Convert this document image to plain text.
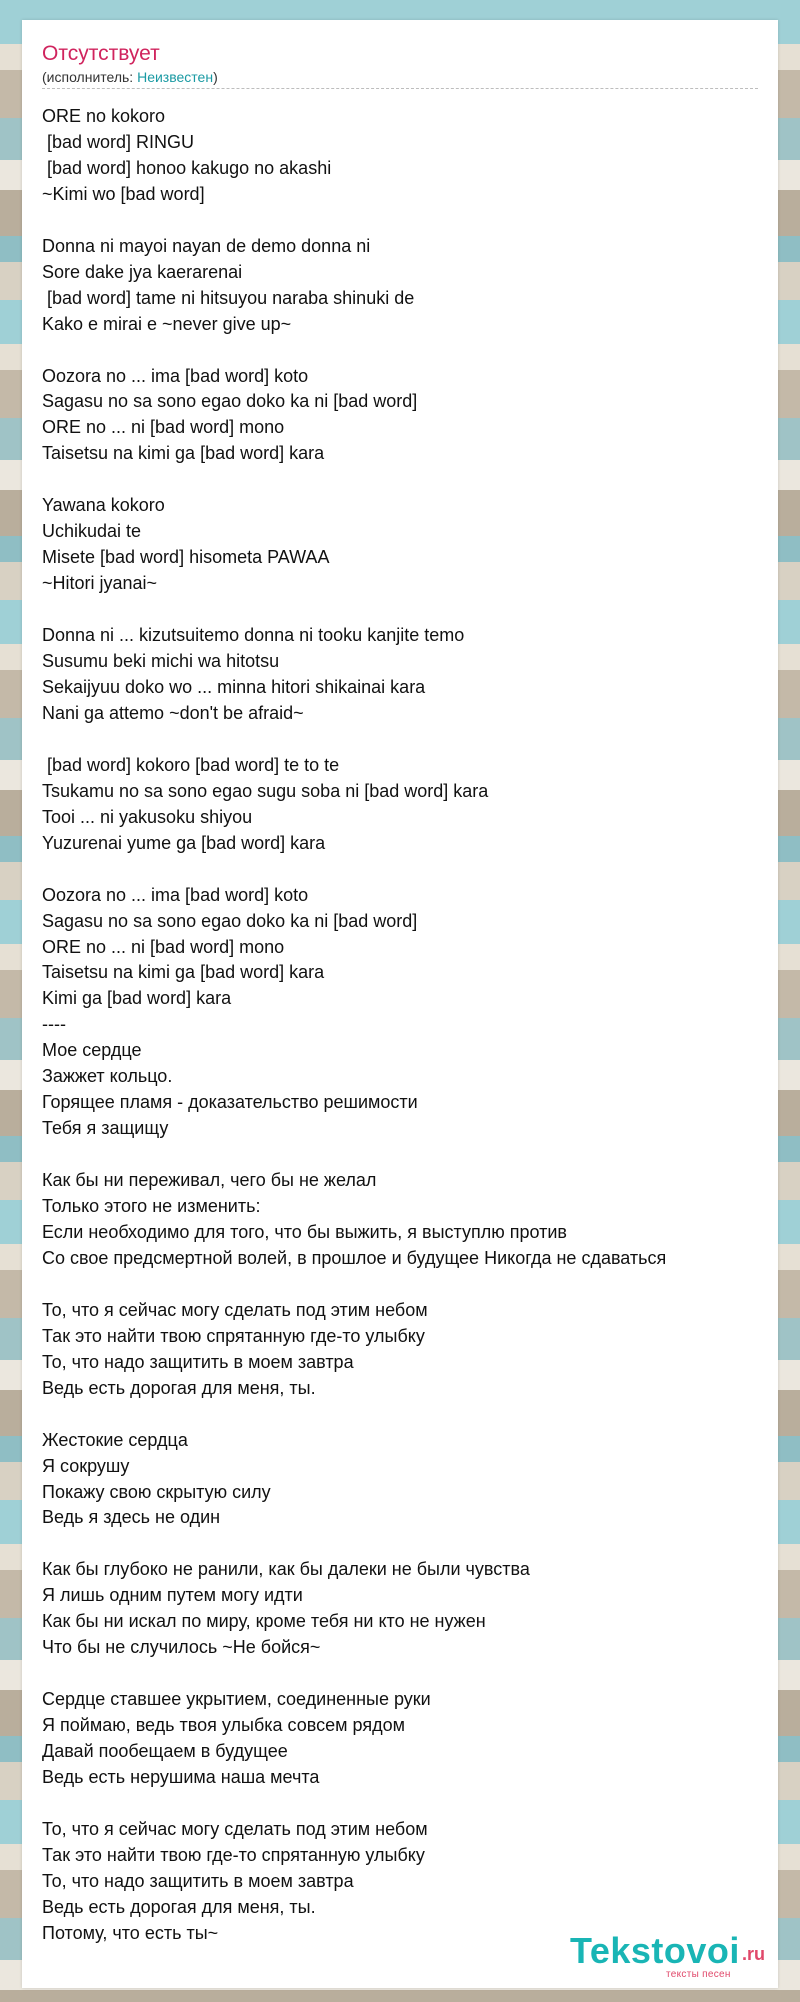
Отсутствует
(исполнитель: Неизвестен)
ORE no kokoro
[bad word] RINGU
[bad word] honoo kakugo no akashi
~Kimi wo [bad word]

Donna ni mayoi nayan de demo donna ni
Sore dake jya kaerarenai
[bad word] tame ni hitsuyou naraba shinuki de
Kako e mirai e ~never give up~

Oozora no ... ima [bad word] koto
Sagasu no sa sono egao doko ka ni [bad word]
ORE no ... ni [bad word] mono
Taisetsu na kimi ga [bad word] kara

Yawana kokoro
Uchikudai te
Misete [bad word] hisometa PAWAA
~Hitori jyanai~

Donna ni ... kizutsuitemo donna ni tooku kanjite temo
Susumu beki michi wa hitotsu
Sekaijyuu doko wo ... minna hitori shikainai kara
Nani ga attemo ~don't be afraid~

[bad word] kokoro [bad word] te to te
Tsukamu no sa sono egao sugu soba ni [bad word] kara
Tooi ... ni yakusoku shiyou
Yuzurenai yume ga [bad word] kara

Oozora no ... ima [bad word] koto
Sagasu no sa sono egao doko ka ni [bad word]
ORE no ... ni [bad word] mono
Taisetsu na kimi ga [bad word] kara
Kimi ga [bad word] kara
----
Мое сердце
Зажжет кольцо.
Горящее пламя - доказательство решимости
Тебя я защищу

Как бы ни переживал, чего бы не желал
Только этого не изменить:
Если необходимо для того, что бы выжить, я выступлю против
Со свое предсмертной волей, в прошлое и будущее Никогда не сдаваться

То, что я сейчас могу сделать под этим небом
Так это найти твою спрятанную где-то улыбку
То, что надо защитить в моем завтра
Ведь есть дорогая для меня, ты.

Жестокие сердца
Я сокрушу
Покажу свою скрытую силу
Ведь я здесь не один

Как бы глубоко не ранили, как бы далеки не были чувства
Я лишь одним путем могу идти
Как бы ни искал по миру, кроме тебя ни кто не нужен
Что бы не случилось ~Не бойся~

Сердце ставшее укрытием, соединенные руки
Я поймаю, ведь твоя улыбка совсем рядом
Давай пообещаем в будущее
Ведь есть нерушима наша мечта

То, что я сейчас могу сделать под этим небом
Так это найти твою где-то спрятанную улыбку
То, что надо защитить в моем завтра
Ведь есть дорогая для меня, ты.
Потому, что есть ты~	Tekstovoi .ru
тексты песен
